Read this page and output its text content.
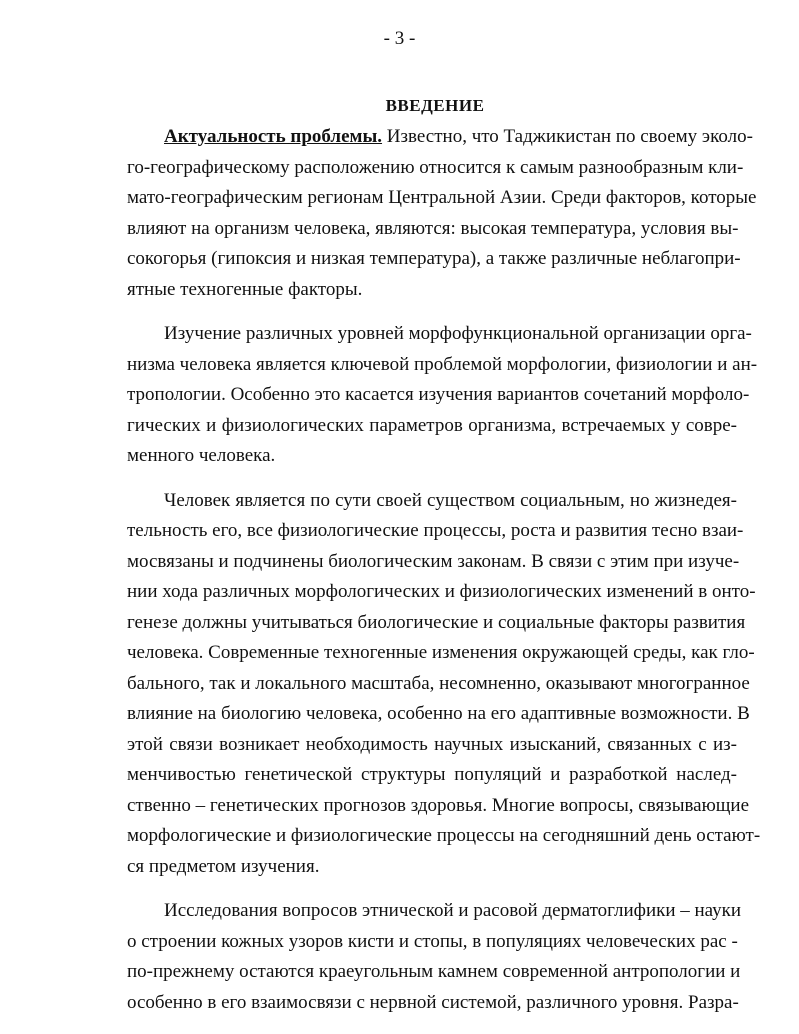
- 3 -
ВВЕДЕНИЕ
Актуальность проблемы. Известно, что Таджикистан по своему эколо-
го-географическому расположению относится к самым разнообразным кли-
мато-географическим регионам Центральной Азии. Среди факторов, которые
влияют на организм человека, являются: высокая температура, условия вы-
сокогорья (гипоксия и низкая температура), а также различные неблагопри-
ятные техногенные факторы.
Изучение различных уровней морфофункциональной организации орга-
низма человека является ключевой проблемой морфологии, физиологии и ан-
тропологии. Особенно это касается изучения вариантов сочетаний морфоло-
гических и физиологических параметров организма, встречаемых у совре-
менного человека.
Человек является по сути своей существом социальным, но жизнедея-
тельность его, все физиологические процессы, роста и развития тесно взаи-
мосвязаны и подчинены биологическим законам. В связи с этим при изуче-
нии хода различных морфологических и физиологических изменений в онто-
генезе должны учитываться биологические и социальные факторы развития
человека. Современные техногенные изменения окружающей среды, как гло-
бального, так и локального масштаба, несомненно, оказывают многогранное
влияние на биологию человека, особенно на его адаптивные возможности. В
этой связи возникает необходимость научных изысканий, связанных с из-
менчивостью генетической структуры популяций и разработкой наслед-
ственно – генетических прогнозов здоровья. Многие вопросы, связывающие
морфологические и физиологические процессы на сегодняшний день остают-
ся предметом изучения.
Исследования вопросов этнической и расовой дерматоглифики – науки
о строении кожных узоров кисти и стопы, в популяциях человеческих рас -
по-прежнему остаются краеугольным камнем современной антропологии и
особенно в его взаимосвязи с нервной системой, различного уровня. Разра-
